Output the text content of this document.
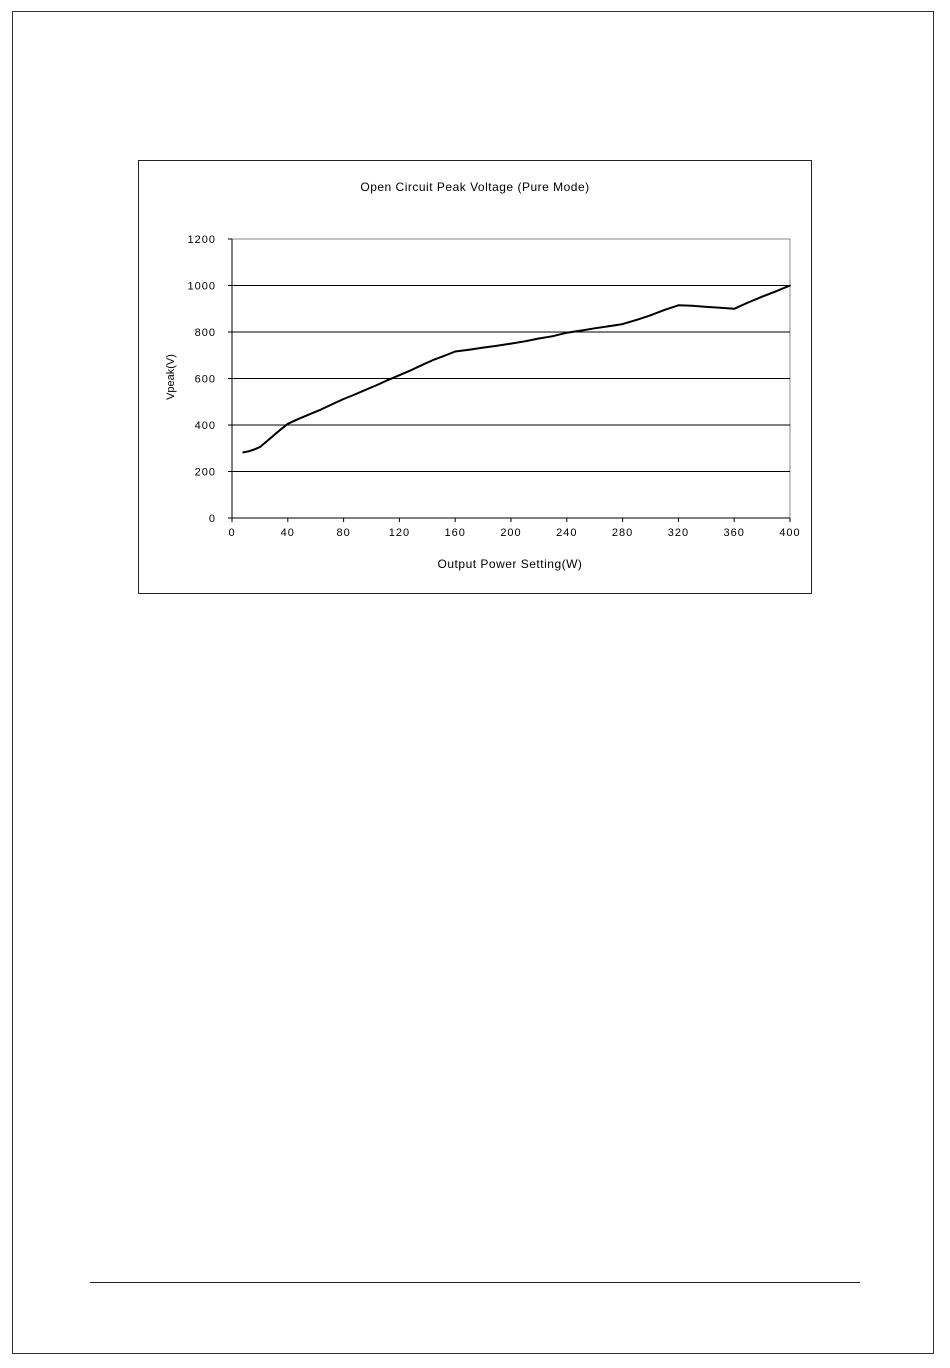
Open Circuit Peak Voltage (Pure Mode)
0	40	80	120	160	200	240	280	320	360	400
0
200
400
600
800
1000
1200
Output Power Setting(W)
Vpeak(V)
